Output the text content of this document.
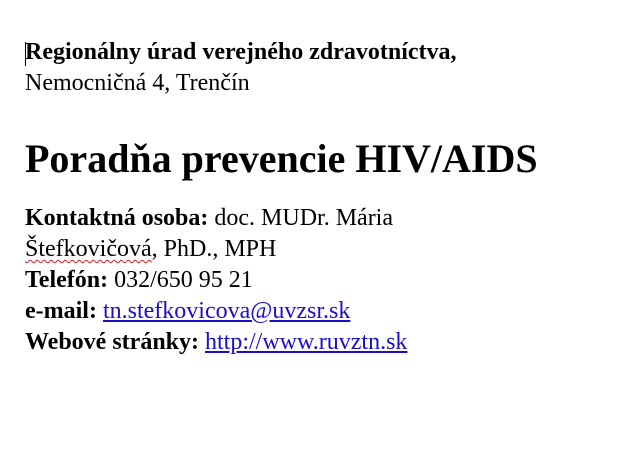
Regionálny úrad verejného zdravotníctva,
Nemocničná 4, Trenčín
Poradňa prevencie HIV/AIDS
Kontaktná osoba: doc. MUDr. Mária
Štefkovičová, PhD., MPH
Telefón: 032/650 95 21
e-mail: tn.stefkovicova@uvzsr.sk
Webové stránky: http://www.ruvztn.sk
